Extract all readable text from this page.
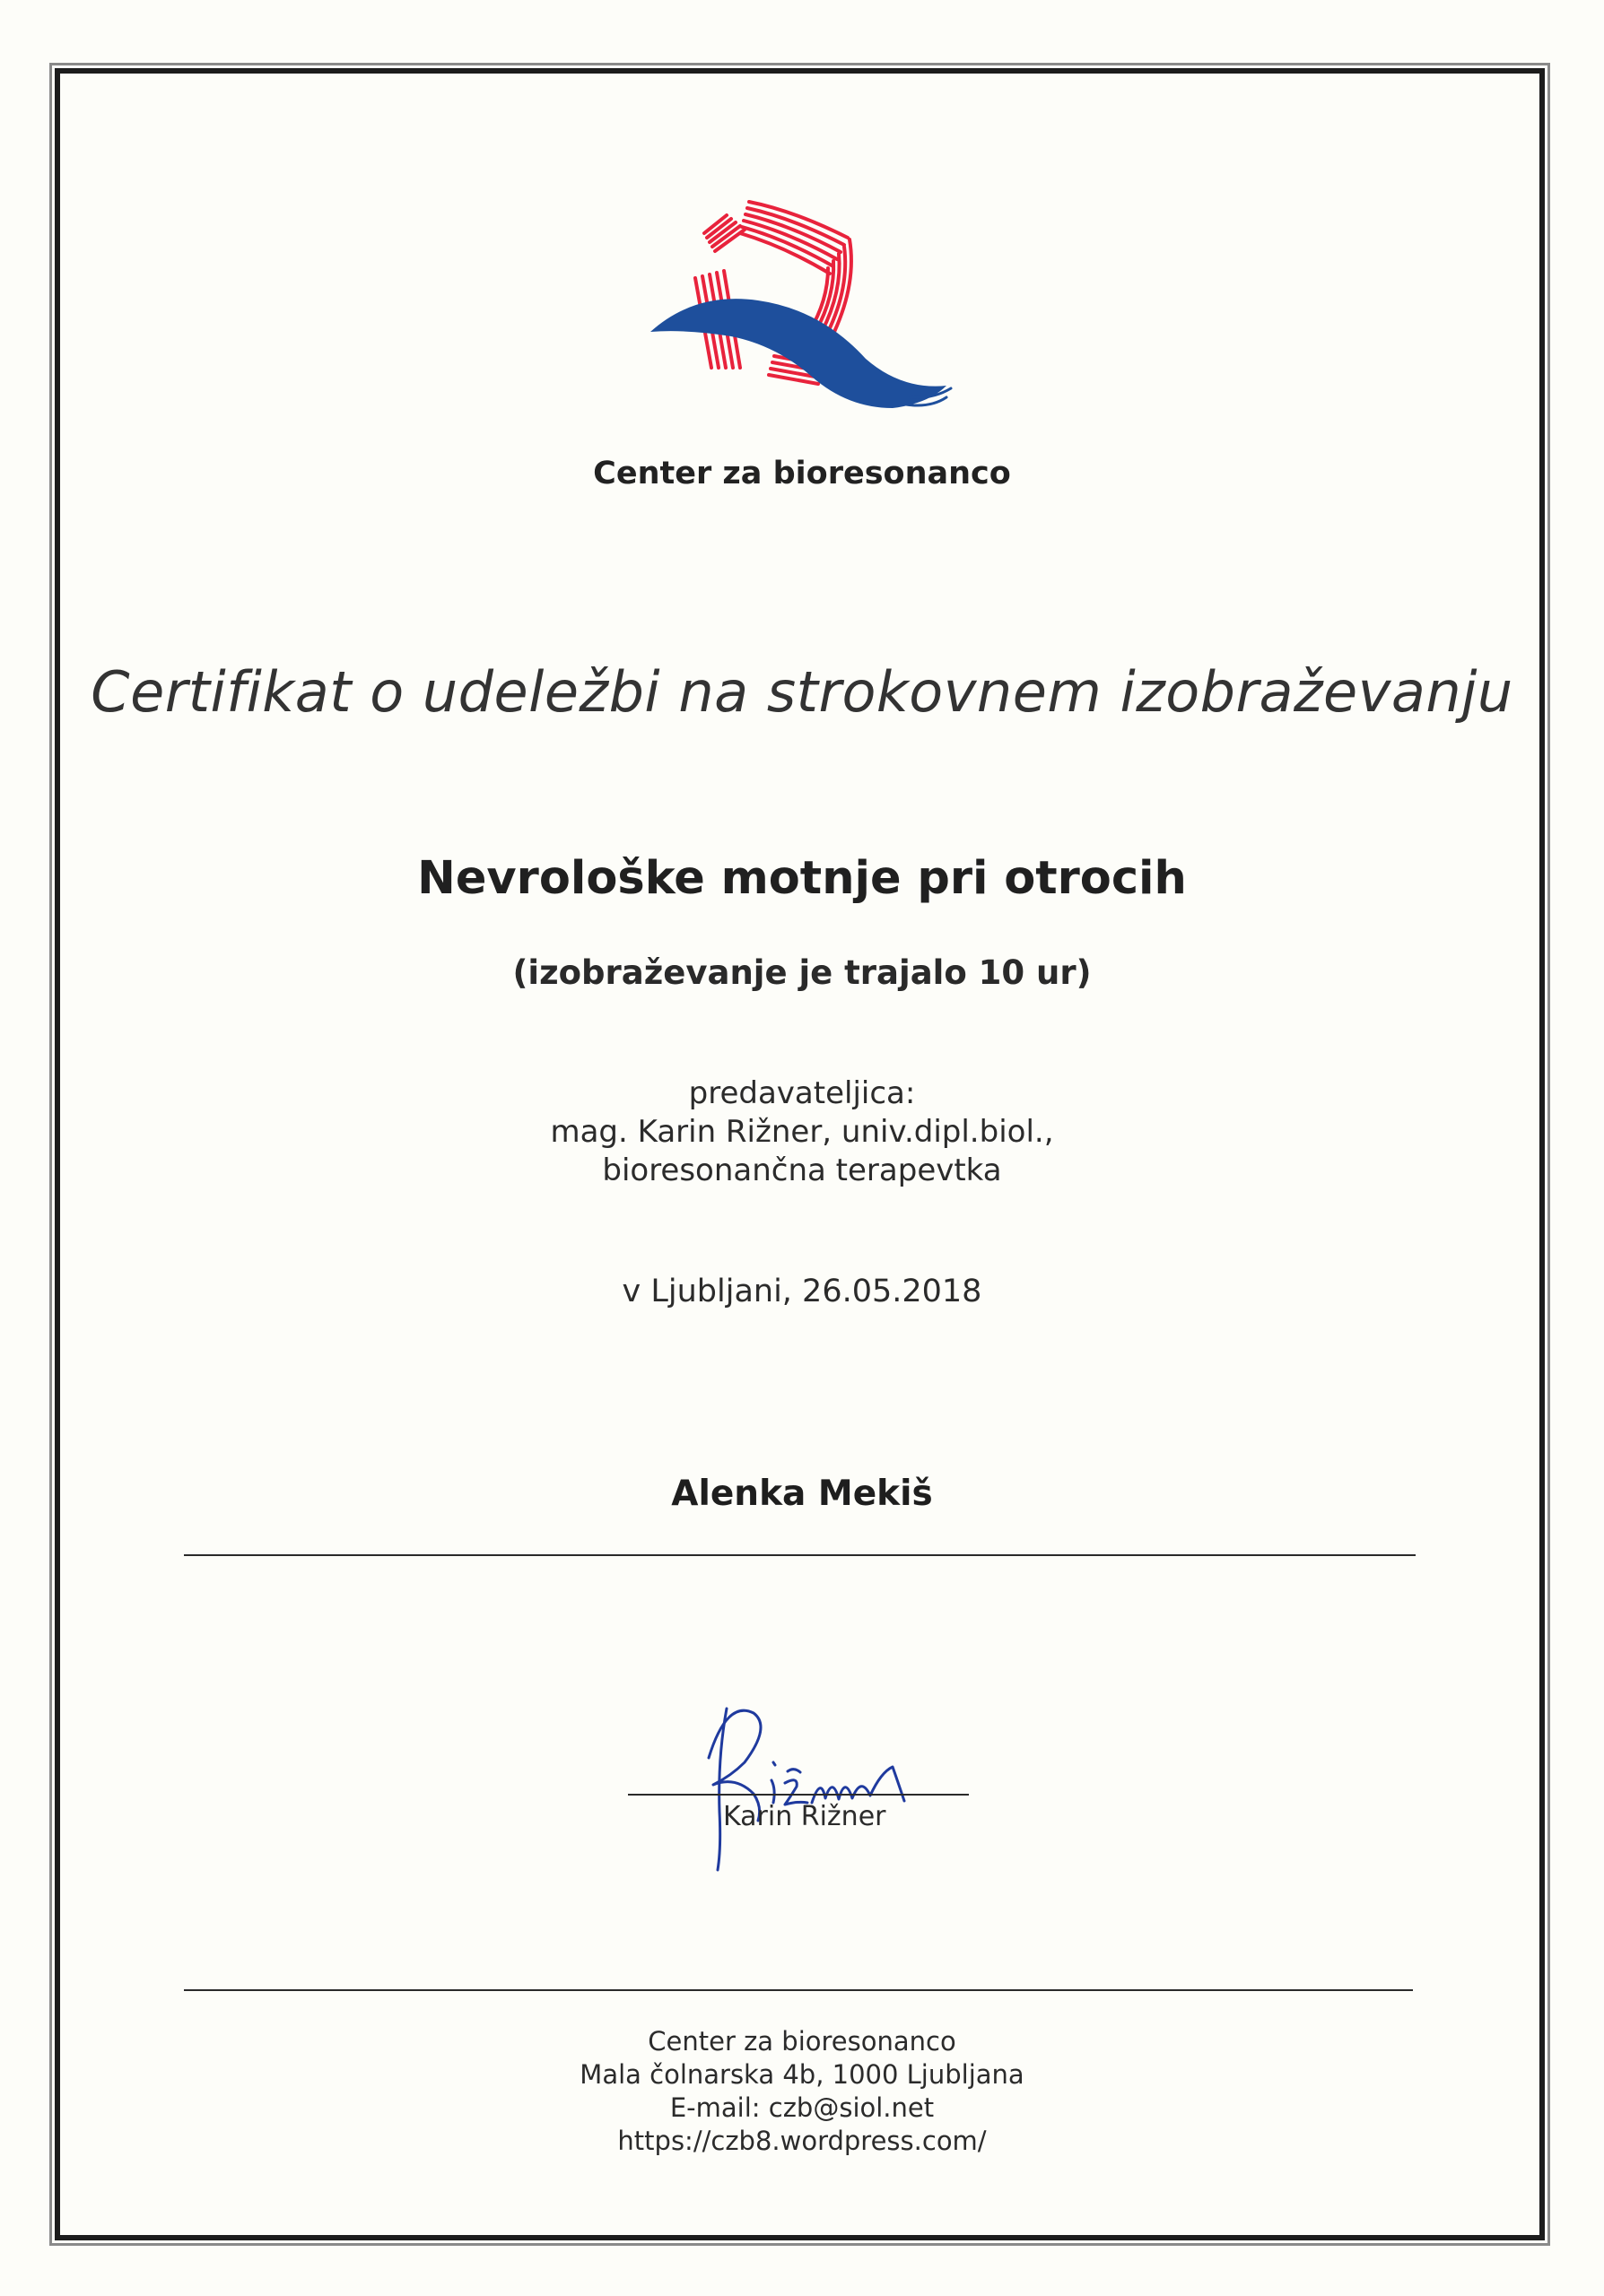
Center za bioresonanco
Certifikat o udeležbi na strokovnem izobraževanju
Nevrološke motnje pri otrocih
(izobraževanje je trajalo 10 ur)
predavateljica:
mag. Karin Rižner, univ.dipl.biol.,
bioresonančna terapevtka
v Ljubljani, 26.05.2018
Alenka Mekiš
Karin Rižner
Center za bioresonanco
Mala čolnarska 4b, 1000 Ljubljana
E-mail: czb@siol.net
https://czb8.wordpress.com/
